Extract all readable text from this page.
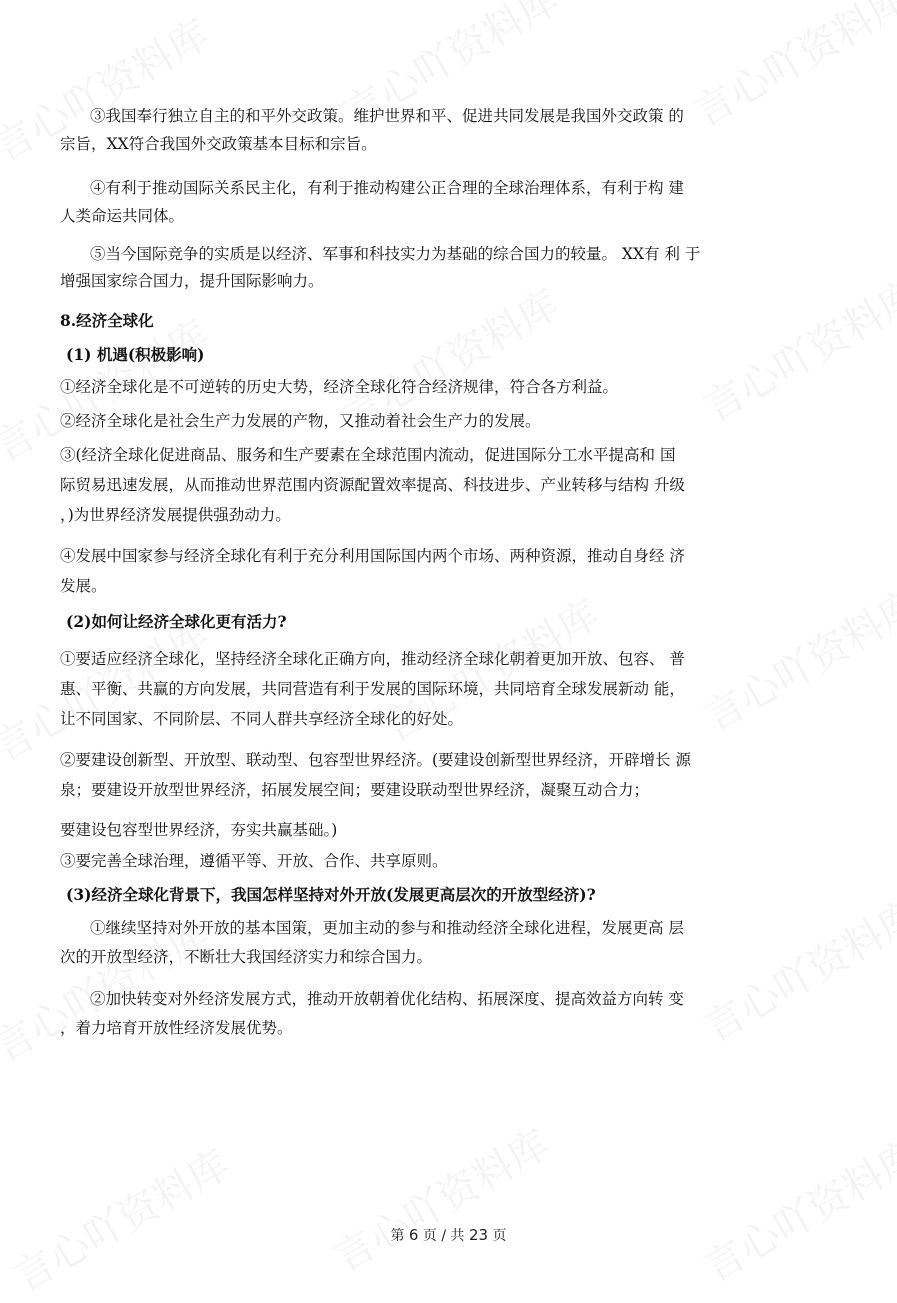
③我国奉行独立自主的和平外交政策。维护世界和平、促进共同发展是我国外交政策 的
宗旨，XX符合我国外交政策基本目标和宗旨。
④有利于推动国际关系民主化，有利于推动构建公正合理的全球治理体系，有利于构 建
人类命运共同体。
⑤当今国际竞争的实质是以经济、军事和科技实力为基础的综合国力的较量。 XX有 利 于
增强国家综合国力，提升国际影响力。
8.经济全球化
(1) 机遇(积极影响)
①经济全球化是不可逆转的历史大势，经济全球化符合经济规律，符合各方利益。
②经济全球化是社会生产力发展的产物，又推动着社会生产力的发展。
③(经济全球化促进商品、服务和生产要素在全球范围内流动，促进国际分工水平提高和 国
际贸易迅速发展，从而推动世界范围内资源配置效率提高、科技进步、产业转移与结构 升级
，)为世界经济发展提供强劲动力。
④发展中国家参与经济全球化有利于充分利用国际国内两个市场、两种资源，推动自身经 济
发展。
(2)如何让经济全球化更有活力?
①要适应经济全球化，坚持经济全球化正确方向，推动经济全球化朝着更加开放、包容、 普
惠、平衡、共赢的方向发展，共同营造有利于发展的国际环境，共同培育全球发展新动 能，
让不同国家、不同阶层、不同人群共享经济全球化的好处。
②要建设创新型、开放型、联动型、包容型世界经济。(要建设创新型世界经济，开辟增长 源
泉；要建设开放型世界经济，拓展发展空间；要建设联动型世界经济，凝聚互动合力；
要建设包容型世界经济，夯实共赢基础。)
③要完善全球治理，遵循平等、开放、合作、共享原则。
(3)经济全球化背景下，我国怎样坚持对外开放(发展更高层次的开放型经济)?
①继续坚持对外开放的基本国策，更加主动的参与和推动经济全球化进程，发展更高 层
次的开放型经济，不断壮大我国经济实力和综合国力。
②加快转变对外经济发展方式，推动开放朝着优化结构、拓展深度、提高效益方向转 变
，着力培育开放性经济发展优势。
第 6 页 / 共 23 页
